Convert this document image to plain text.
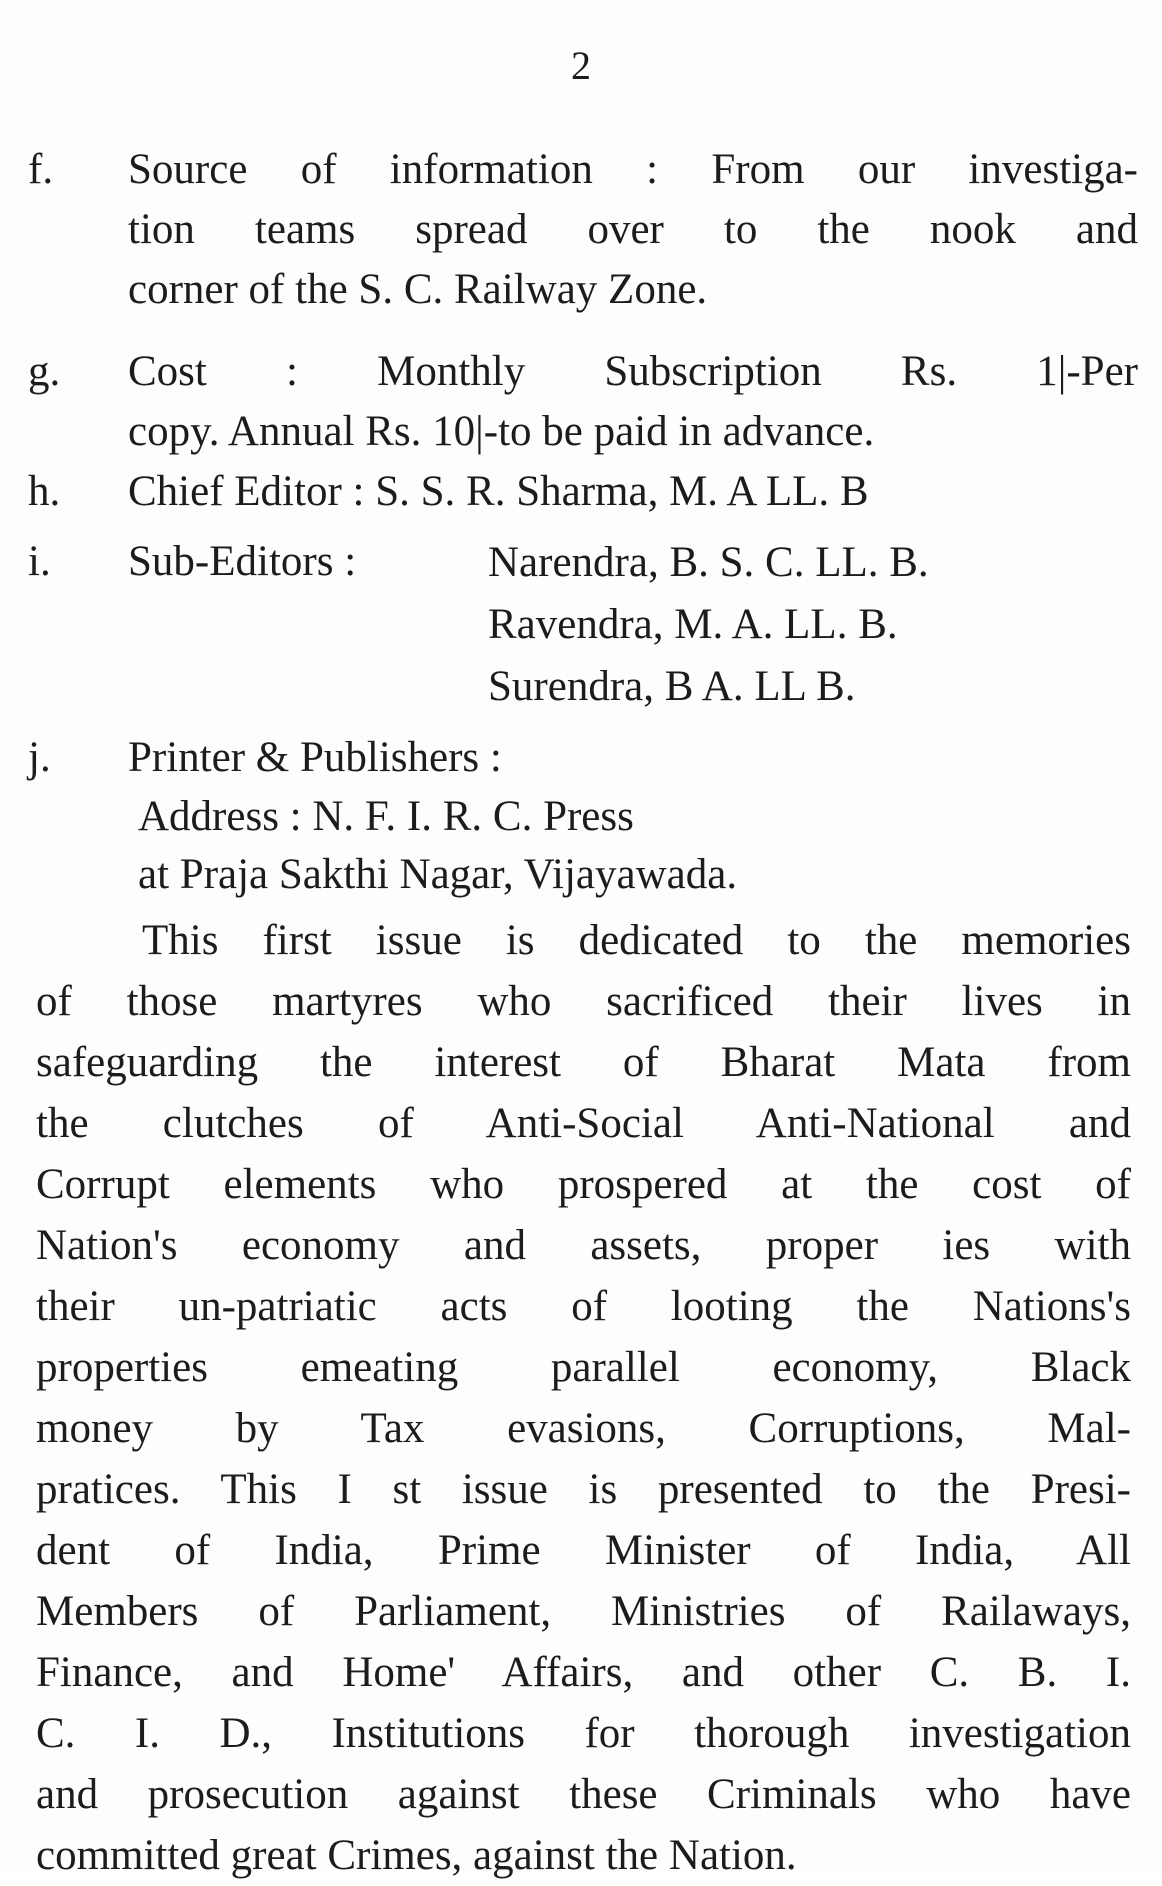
2
f.	Source of information : From our investiga-
tion teams spread over to the nook and
corner of the S. C. Railway Zone.
g.	Cost : Monthly Subscription Rs. 1|-Per
copy. Annual Rs. 10|-to be paid in advance.
h.	Chief Editor : S. S. R. Sharma, M. A LL. B
i.	Sub-Editors :	Narendra, B. S. C. LL. B.
Ravendra, M. A. LL. B.
Surendra, B A. LL B.
j.	Printer & Publishers :
Address : N. F. I. R. C. Press
at Praja Sakthi Nagar, Vijayawada.
This first issue is dedicated to the memories
of those martyres who sacrificed their lives in
safeguarding the interest of Bharat Mata from
the clutches of Anti-Social Anti-National and
Corrupt elements who prospered at the cost of
Nation's economy and assets, proper ies with
their un-patriatic acts of looting the Nations's
properties emeating parallel economy, Black
money by Tax evasions, Corruptions, Mal-
pratices. This I st issue is presented to the Presi-
dent of India, Prime Minister of India, All
Members of Parliament, Ministries of Railaways,
Finance, and Home' Affairs, and other C. B. I.
C. I. D., Institutions for thorough investigation
and prosecution against these Criminals who have
committed great Crimes, against the Nation.
